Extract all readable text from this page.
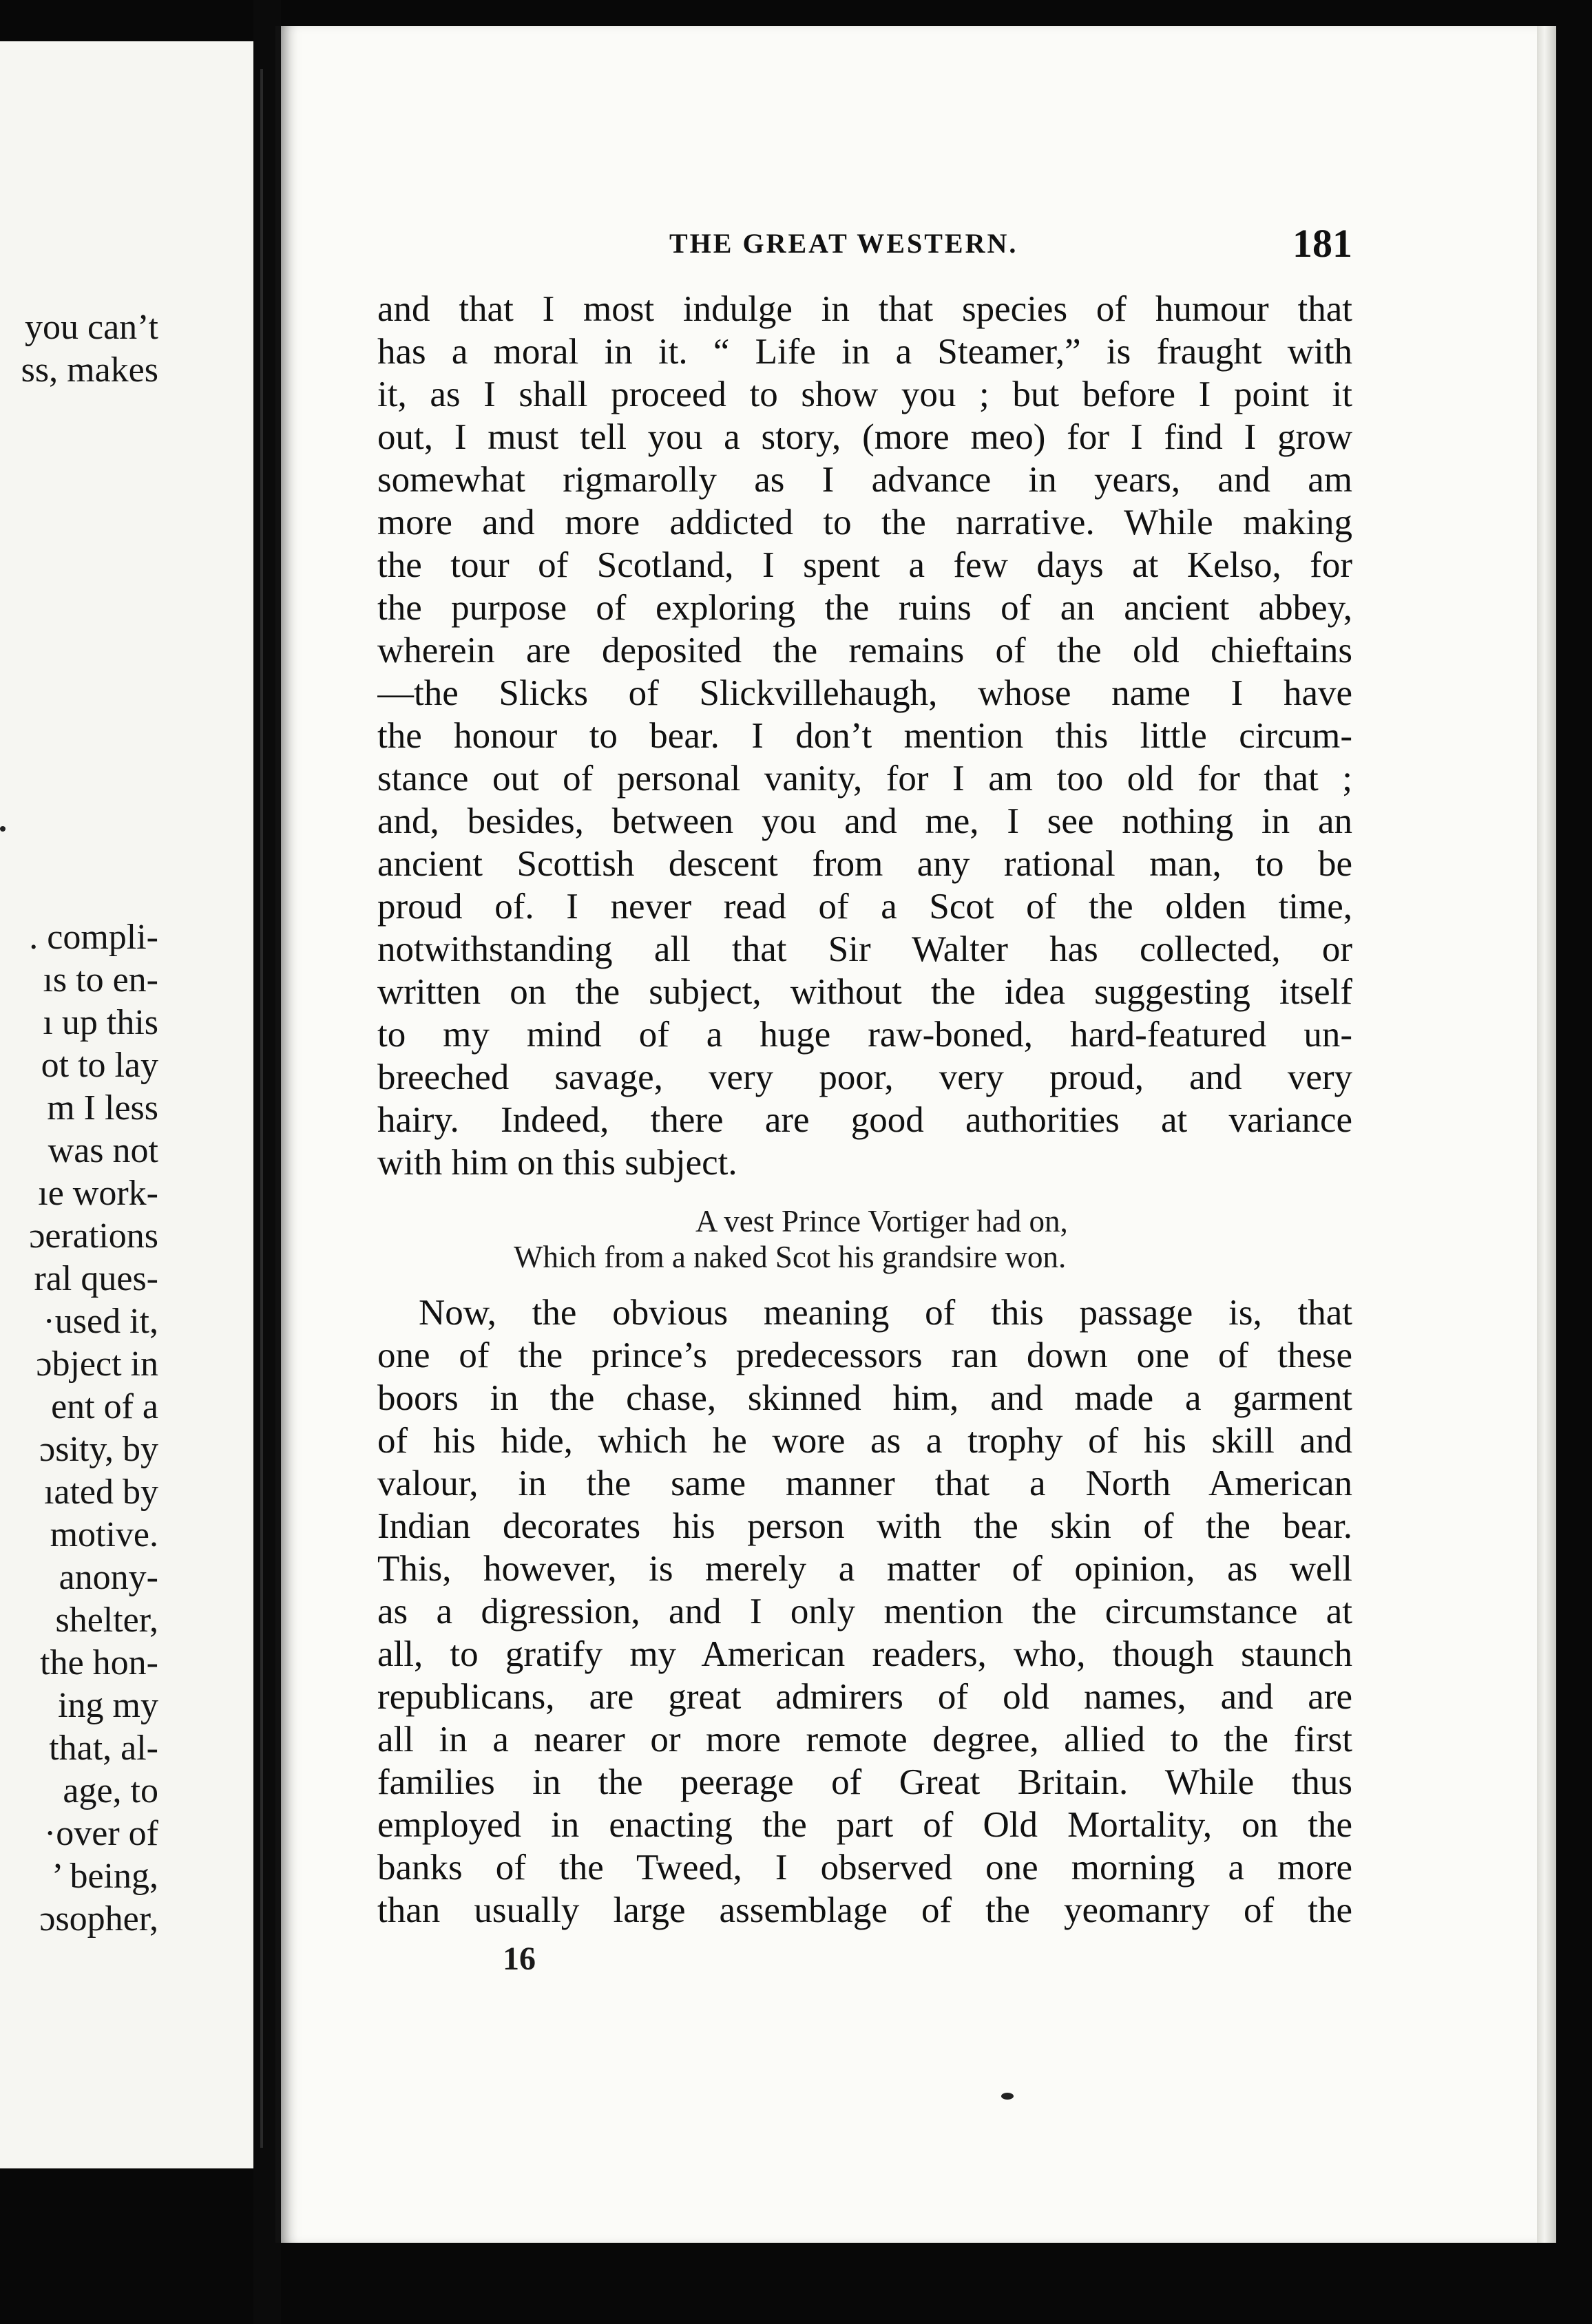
you can’t
ss, makes
. compli-
ıs to en-
ı up this
ot to lay
m I less
was not
ıe work-
ɔerations
ral ques-
·used it,
ɔbject in
ent of a
ɔsity, by
ıated by
motive.
anony-
shelter,
the hon-
ing my
that, al-
age, to
·over of
’ being,
ɔsopher,
THE GREAT WESTERN.	181
and that I most indulge in that species of humour that
has a moral in it. “ Life in a Steamer,” is fraught with
it, as I shall proceed to show you ; but before I point it
out, I must tell you a story, (more meo) for I find I grow
somewhat rigmarolly as I advance in years, and am
more and more addicted to the narrative. While making
the tour of Scotland, I spent a few days at Kelso, for
the purpose of exploring the ruins of an ancient abbey,
wherein are deposited the remains of the old chieftains
—the Slicks of Slickvillehaugh, whose name I have
the honour to bear. I don’t mention this little circum-
stance out of personal vanity, for I am too old for that ;
and, besides, between you and me, I see nothing in an
ancient Scottish descent from any rational man, to be
proud of. I never read of a Scot of the olden time,
notwithstanding all that Sir Walter has collected, or
written on the subject, without the idea suggesting itself
to my mind of a huge raw-boned, hard-featured un-
breeched savage, very poor, very proud, and very
hairy. Indeed, there are good authorities at variance
with him on this subject.
A vest Prince Vortiger had on,
Which from a naked Scot his grandsire won.
Now, the obvious meaning of this passage is, that
one of the prince’s predecessors ran down one of these
boors in the chase, skinned him, and made a garment
of his hide, which he wore as a trophy of his skill and
valour, in the same manner that a North American
Indian decorates his person with the skin of the bear.
This, however, is merely a matter of opinion, as well
as a digression, and I only mention the circumstance at
all, to gratify my American readers, who, though staunch
republicans, are great admirers of old names, and are
all in a nearer or more remote degree, allied to the first
families in the peerage of Great Britain. While thus
employed in enacting the part of Old Mortality, on the
banks of the Tweed, I observed one morning a more
than usually large assemblage of the yeomanry of the
16
